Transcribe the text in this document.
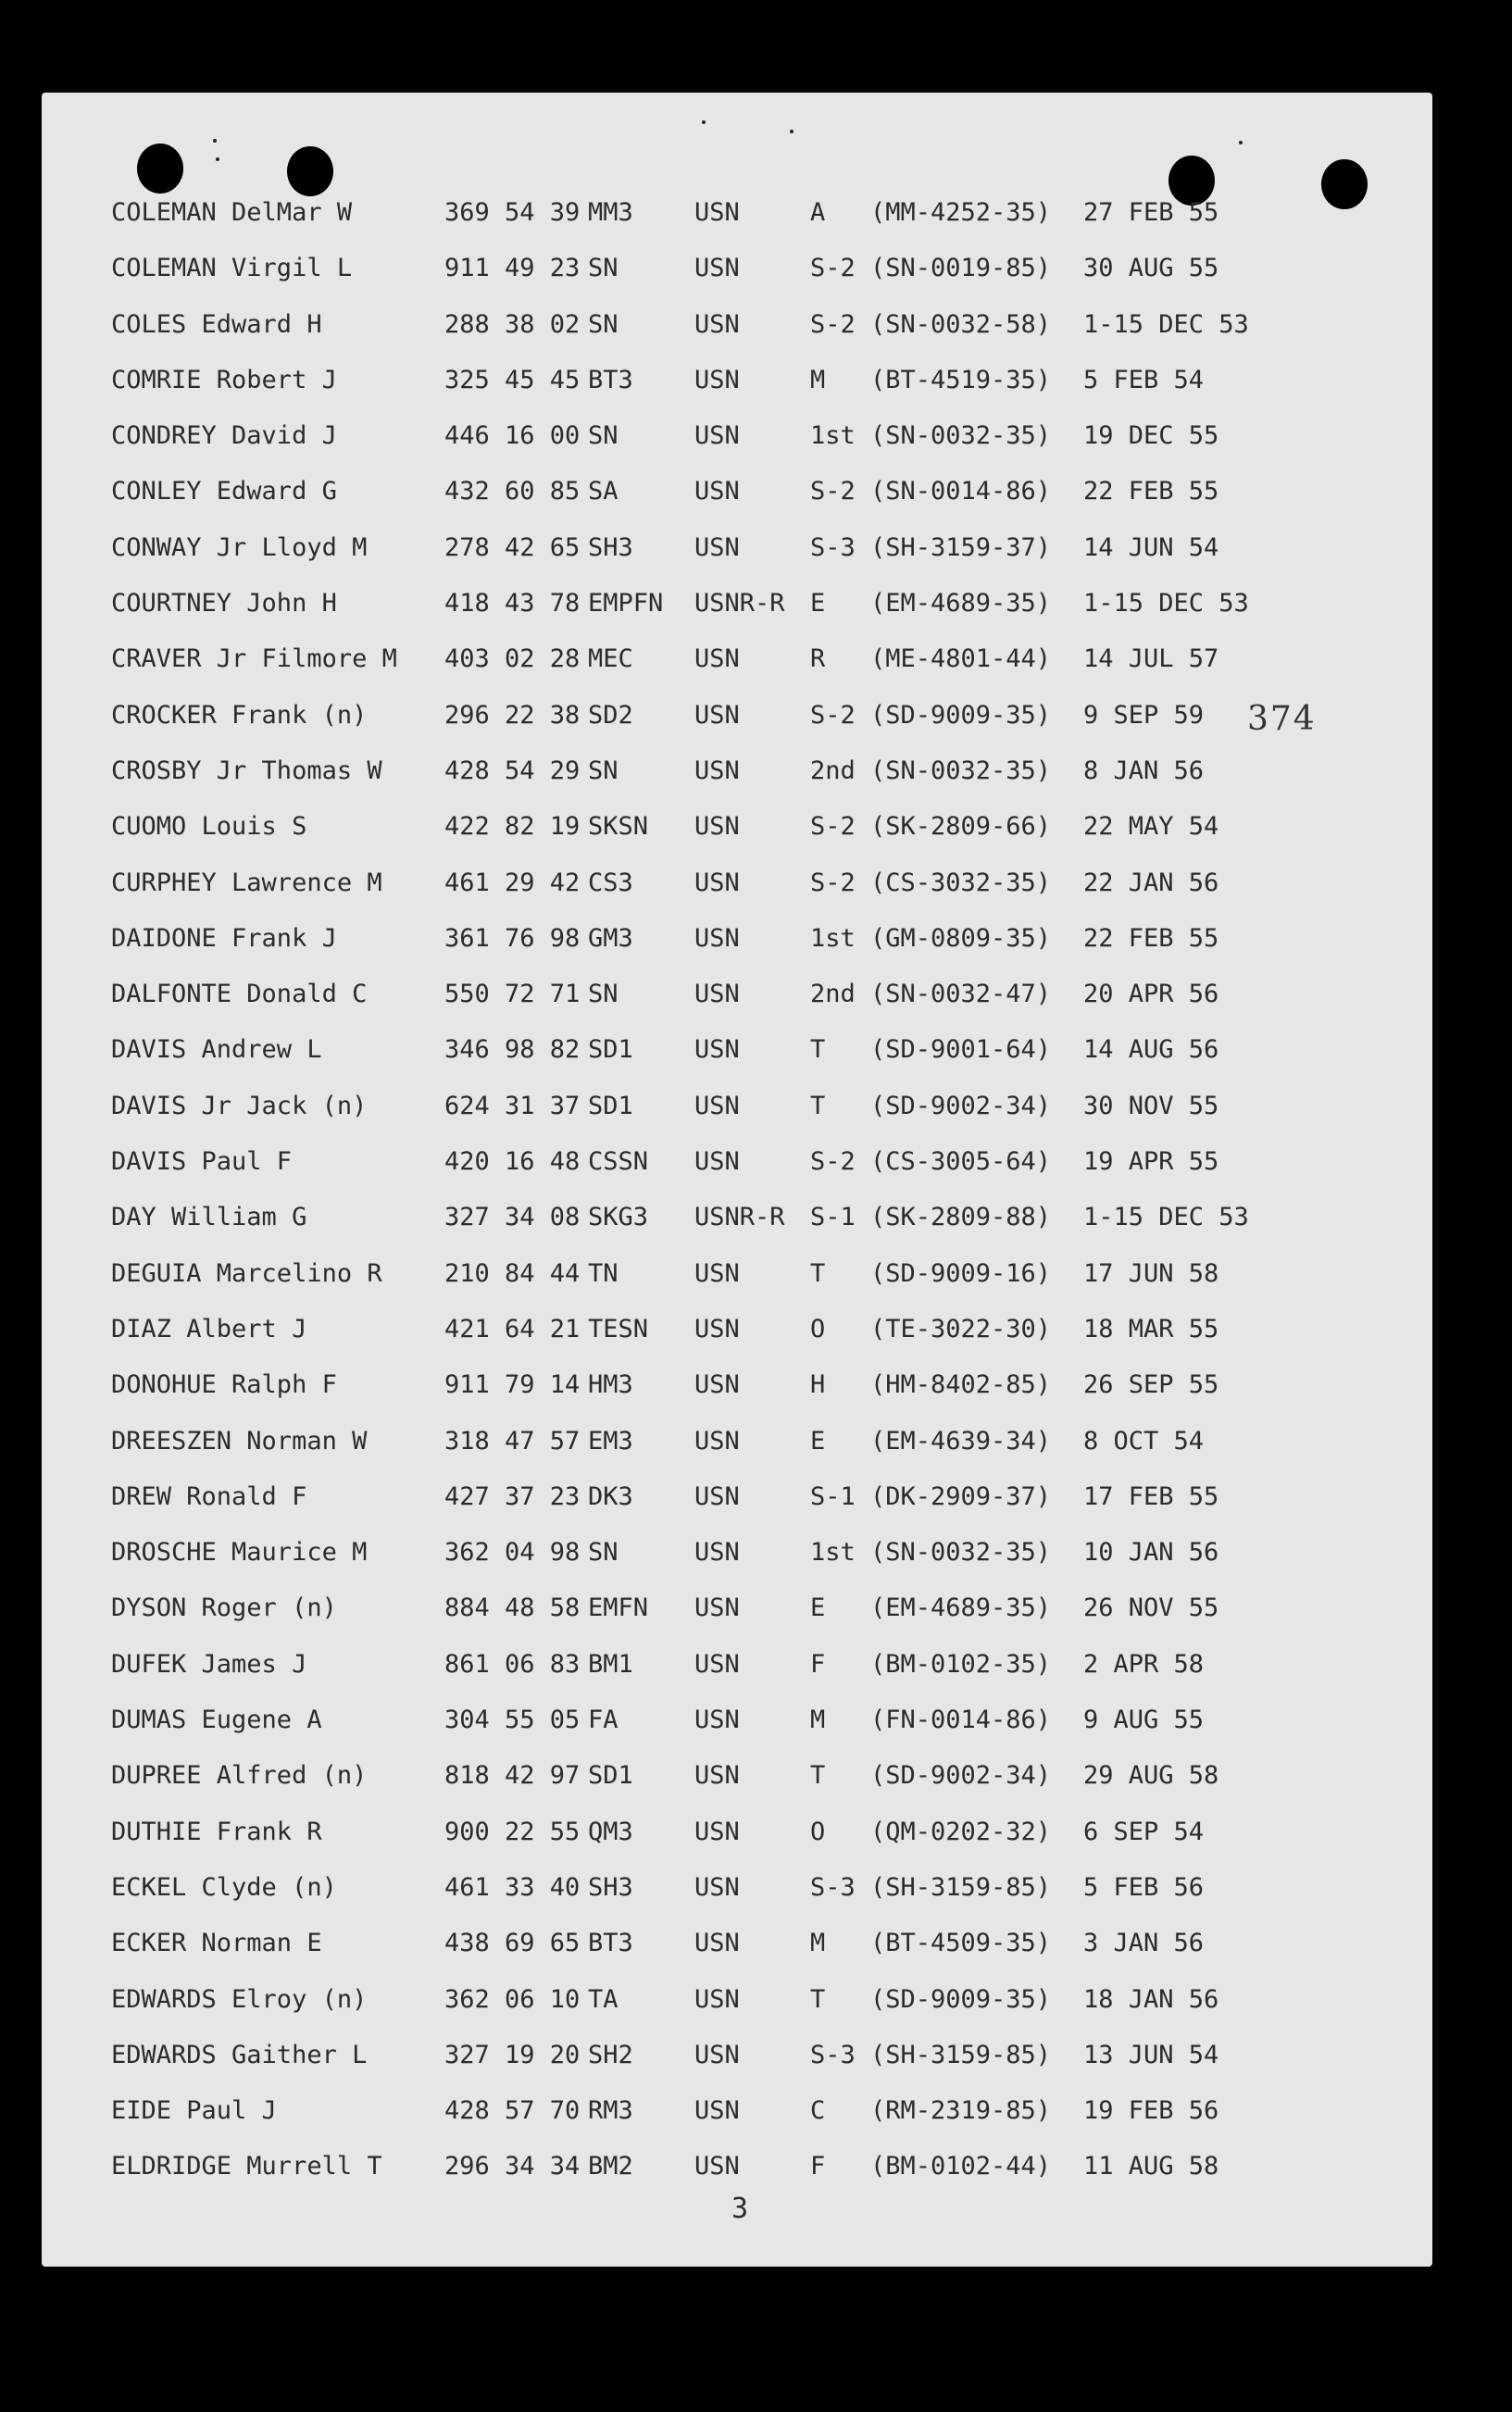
COLEMAN DelMar W	369 54 39 MM3 USN	A (MM-4252-35) 27 FEB 55
COLEMAN Virgil L	911 49 23 SN	USN	S-2 (SN-0019-85) 30 AUG 55
COLES Edward H	288 38 02 SN	USN	S-2 (SN-0032-58) 1-15 DEC 53
COMRIE Robert J	325 45 45 BT3 USN	M (BT-4519-35) 5 FEB 54
CONDREY David J	446 16 00 SN	USN	1st (SN-0032-35) 19 DEC 55
CONLEY Edward G	432 60 85 SA	USN	S-2 (SN-0014-86) 22 FEB 55
CONWAY Jr Lloyd M	278 42 65 SH3 USN	S-3 (SH-3159-37) 14 JUN 54
COURTNEY John H	418 43 78 EMPFN USNR-R E (EM-4689-35) 1-15 DEC 53
CRAVER Jr Filmore M 403 02 28 MEC USN	R (ME-4801-44) 14 JUL 57
CROCKER Frank (n)	296 22 38 SD2 USN	S-2 (SD-9009-35) 9 SEP 59
CROSBY Jr Thomas W 428 54 29 SN	USN	2nd (SN-0032-35) 8 JAN 56
CUOMO Louis S	422 82 19 SKSN USN	S-2 (SK-2809-66) 22 MAY 54
CURPHEY Lawrence M 461 29 42 CS3 USN	S-2 (CS-3032-35) 22 JAN 56
DAIDONE Frank J	361 76 98 GM3 USN	1st (GM-0809-35) 22 FEB 55
DALFONTE Donald C	550 72 71 SN	USN	2nd (SN-0032-47) 20 APR 56
DAVIS Andrew L	346 98 82 SD1 USN	T (SD-9001-64) 14 AUG 56
DAVIS Jr Jack (n)	624 31 37 SD1 USN	T (SD-9002-34) 30 NOV 55
DAVIS Paul F	420 16 48 CSSN USN	S-2 (CS-3005-64) 19 APR 55
DAY William G	327 34 08 SKG3 USNR-R S-1 (SK-2809-88) 1-15 DEC 53
DEGUIA Marcelino R 210 84 44 TN	USN	T (SD-9009-16) 17 JUN 58
DIAZ Albert J	421 64 21 TESN USN	O (TE-3022-30) 18 MAR 55
DONOHUE Ralph F	911 79 14 HM3 USN	H (HM-8402-85) 26 SEP 55
DREESZEN Norman W	318 47 57 EM3 USN	E (EM-4639-34) 8 OCT 54
DREW Ronald F	427 37 23 DK3 USN	S-1 (DK-2909-37) 17 FEB 55
DROSCHE Maurice M	362 04 98 SN	USN	1st (SN-0032-35) 10 JAN 56
DYSON Roger (n)	884 48 58 EMFN USN	E (EM-4689-35) 26 NOV 55
DUFEK James J	861 06 83 BM1 USN	F (BM-0102-35) 2 APR 58
DUMAS Eugene A	304 55 05 FA	USN	M (FN-0014-86) 9 AUG 55
DUPREE Alfred (n)	818 42 97 SD1 USN	T (SD-9002-34) 29 AUG 58
DUTHIE Frank R	900 22 55 QM3 USN	O (QM-0202-32) 6 SEP 54
ECKEL Clyde (n)	461 33 40 SH3 USN	S-3 (SH-3159-85) 5 FEB 56
ECKER Norman E	438 69 65 BT3 USN	M (BT-4509-35) 3 JAN 56
EDWARDS Elroy (n)	362 06 10 TA	USN	T (SD-9009-35) 18 JAN 56
EDWARDS Gaither L	327 19 20 SH2 USN	S-3 (SH-3159-85) 13 JUN 54
EIDE Paul J	428 57 70 RM3 USN	C (RM-2319-85) 19 FEB 56
ELDRIDGE Murrell T 296 34 34 BM2 USN	F (BM-0102-44) 11 AUG 58
374
3
